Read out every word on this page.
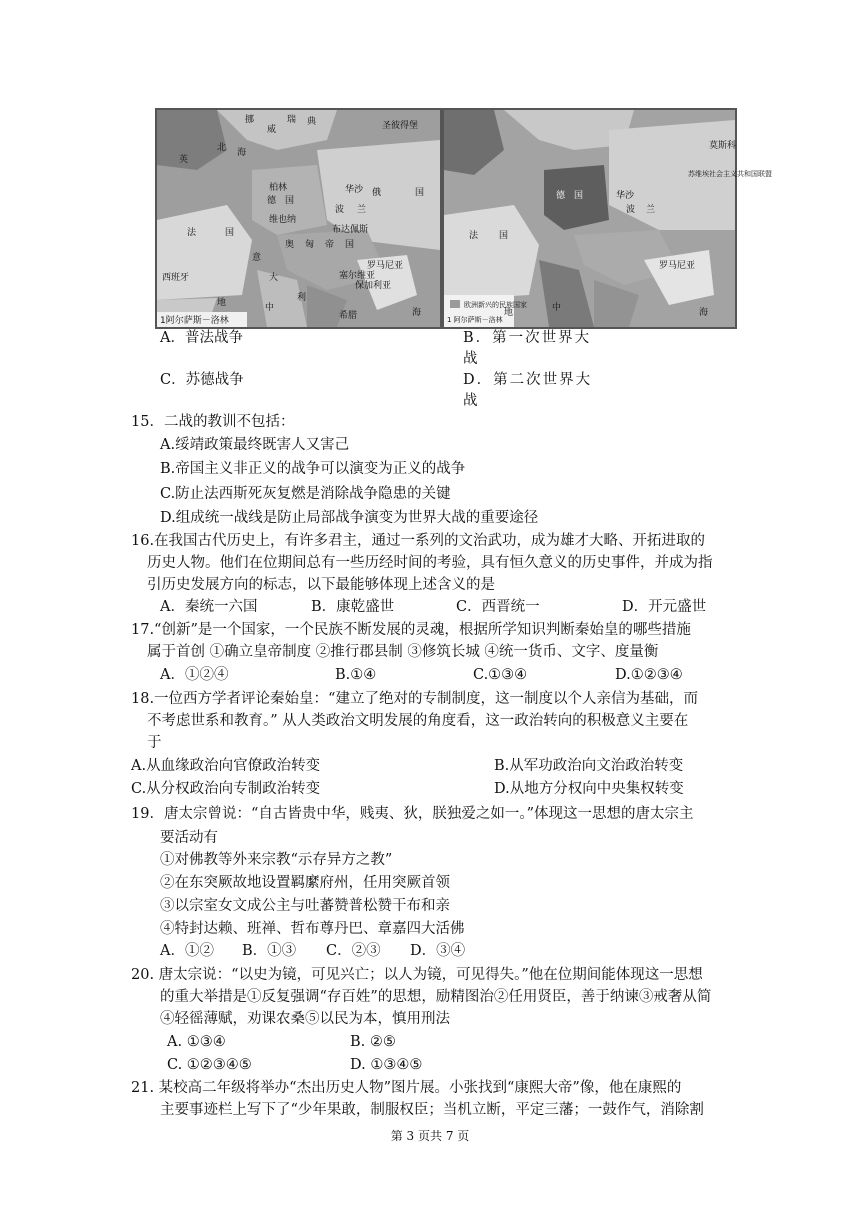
挪
威
瑞 典	圣彼得堡
英
北 海
柏林
德 国
华沙 俄	国
波 兰
法	国
维也纳
奥 匈 帝 国
布达佩斯
罗马尼亚
塞尔维亚
保加利亚
西班牙
意
大
利
希腊
地	中	海
1阿尔萨斯－洛林
莫斯科
苏维埃社会主义共和国联盟
华沙
法 国
德 国
波 兰
罗马尼亚
地	中	海
欧洲新兴的民族国家
1 阿尔萨斯－洛林
A．普法战争	B．第一次世界大
战
C．苏德战争	D．第二次世界大
战
15．二战的教训不包括：
A.绥靖政策最终既害人又害己
B.帝国主义非正义的战争可以演变为正义的战争
C.防止法西斯死灰复燃是消除战争隐患的关键
D.组成统一战线是防止局部战争演变为世界大战的重要途径
16.在我国古代历史上，有许多君主，通过一系列的文治武功，成为雄才大略、开拓进取的
历史人物。他们在位期间总有一些历经时间的考验，具有恒久意义的历史事件，并成为指
引历史发展方向的标志，以下最能够体现上述含义的是
A．秦统一六国	B．康乾盛世	C．西晋统一	D．开元盛世
17.“创新”是一个国家，一个民族不断发展的灵魂，根据所学知识判断秦始皇的哪些措施
属于首创 ①确立皇帝制度 ②推行郡县制 ③修筑长城 ④统一货币、文字、度量衡
A．①②④	B.①④	C.①③④	D.①②③④
18.一位西方学者评论秦始皇：“建立了绝对的专制制度，这一制度以个人亲信为基础，而
不考虑世系和教育。” 从人类政治文明发展的角度看，这一政治转向的积极意义主要在
于
A.从血缘政治向官僚政治转变	B.从军功政治向文治政治转变
C.从分权政治向专制政治转变	D.从地方分权向中央集权转变
19．唐太宗曾说：“自古皆贵中华，贱夷、狄，朕独爱之如一。”体现这一思想的唐太宗主
要活动有
①对佛教等外来宗教“示存异方之教”
②在东突厥故地设置羁縻府州，任用突厥首领
③以宗室女文成公主与吐蕃赞普松赞干布和亲
④特封达赖、班禅、哲布尊丹巴、章嘉四大活佛
A．①② B．①③ C．②③ D．③④
20. 唐太宗说：“以史为镜，可见兴亡；以人为镜，可见得失。”他在位期间能体现这一思想
的重大举措是①反复强调“存百姓”的思想，励精图治②任用贤臣，善于纳谏③戒奢从简
④轻徭薄赋，劝课农桑⑤以民为本，慎用刑法
A. ①③④	B. ②⑤
C. ①②③④⑤	D. ①③④⑤
21. 某校高二年级将举办“杰出历史人物”图片展。小张找到“康熙大帝”像，他在康熙的
主要事迹栏上写下了“少年果敢，制服权臣；当机立断，平定三藩；一鼓作气，消除割
第 3 页共 7 页
